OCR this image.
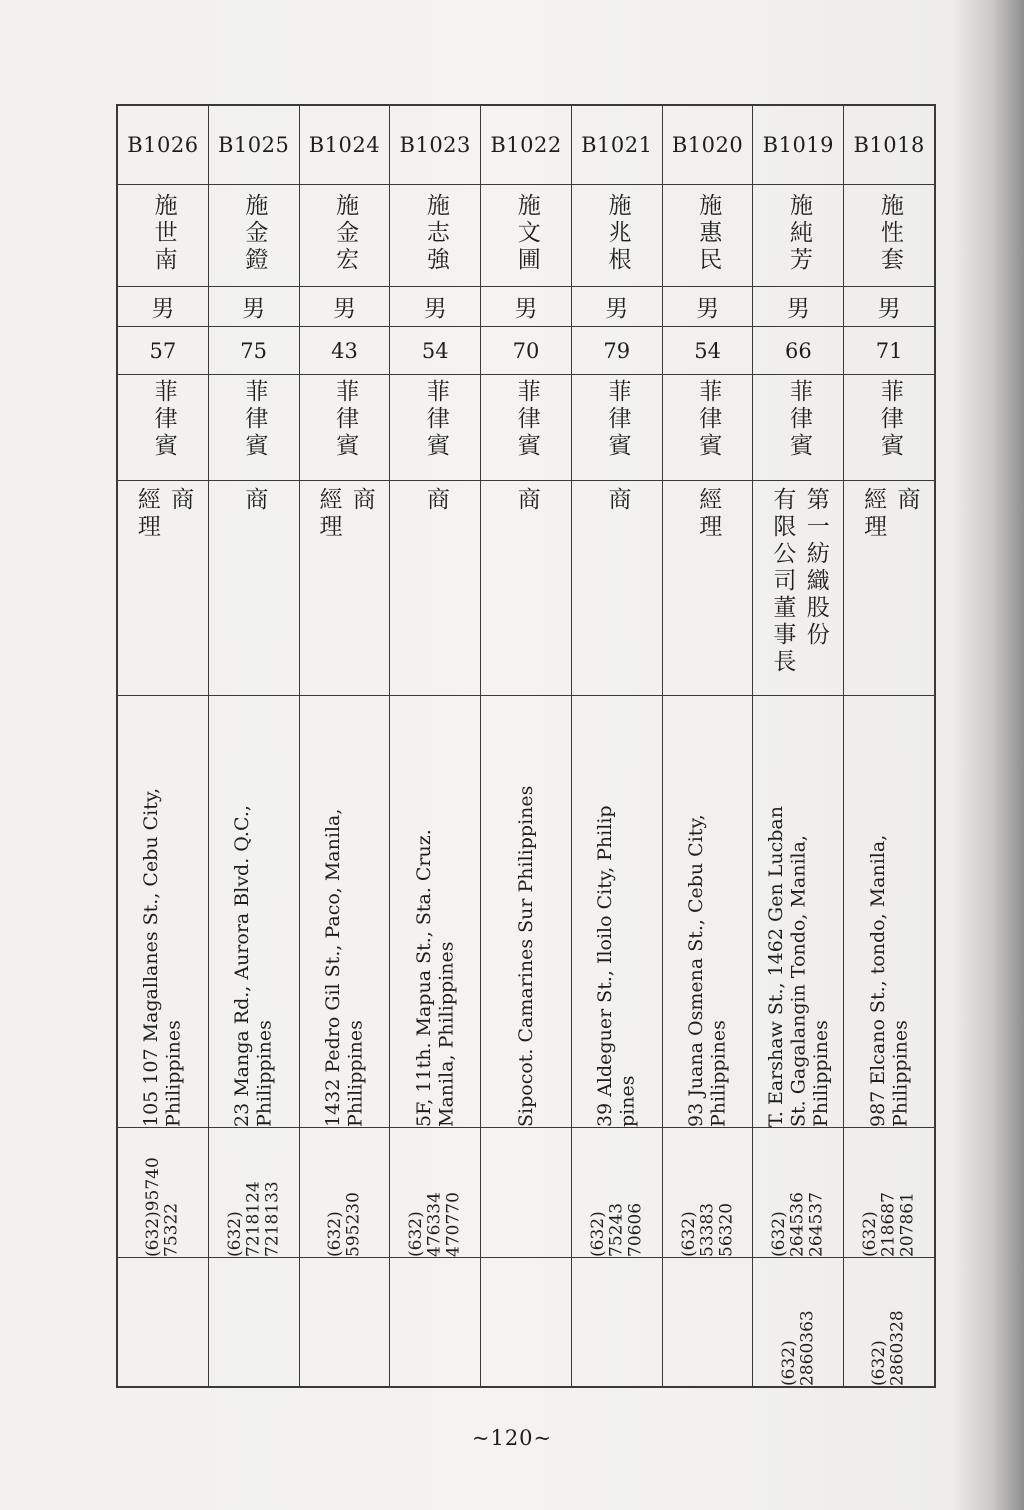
B1026
施世南
男
57
菲律賓
商
經理
105 107 Magallanes St., Cebu City,
Philippines
(632)95740
75322
B1025
施金鐙
男
75
菲律賓
商
23 Manga Rd., Aurora Blvd. Q.C.,
Philippines
(632)
7218124
7218133
B1024
施金宏
男
43
菲律賓
商
經理
1432 Pedro Gil St., Paco, Manila,
Philippines
(632)
595230
B1023
施志強
男
54
菲律賓
商
5F, 11th. Mapua St., Sta. Cruz.
Manila, Philippines
(632)
476334
470770
B1022
施文圃
男
70
菲律賓
商
Sipocot. Camarines Sur Philippines
B1021
施兆根
男
79
菲律賓
商
39 Aldeguer St., Iloilo City, Philip
pines
(632)
75243
70606
B1020
施惠民
男
54
菲律賓
經理
93 Juana Osmena St., Cebu City,
Philippines
(632)
53383
56320
B1019
施純芳
男
66
菲律賓
第一紡織股份
有限公司董事長
T. Earshaw St., 1462 Gen Lucban
St. Gagalangin Tondo, Manila,
Philippines
(632)
264536
264537
(632)
2860363
B1018
施性套
男
71
菲律賓
商
經理
987 Elcano St., tondo, Manila,
Philippines
(632)
218687
207861
(632)
2860328
~120~
